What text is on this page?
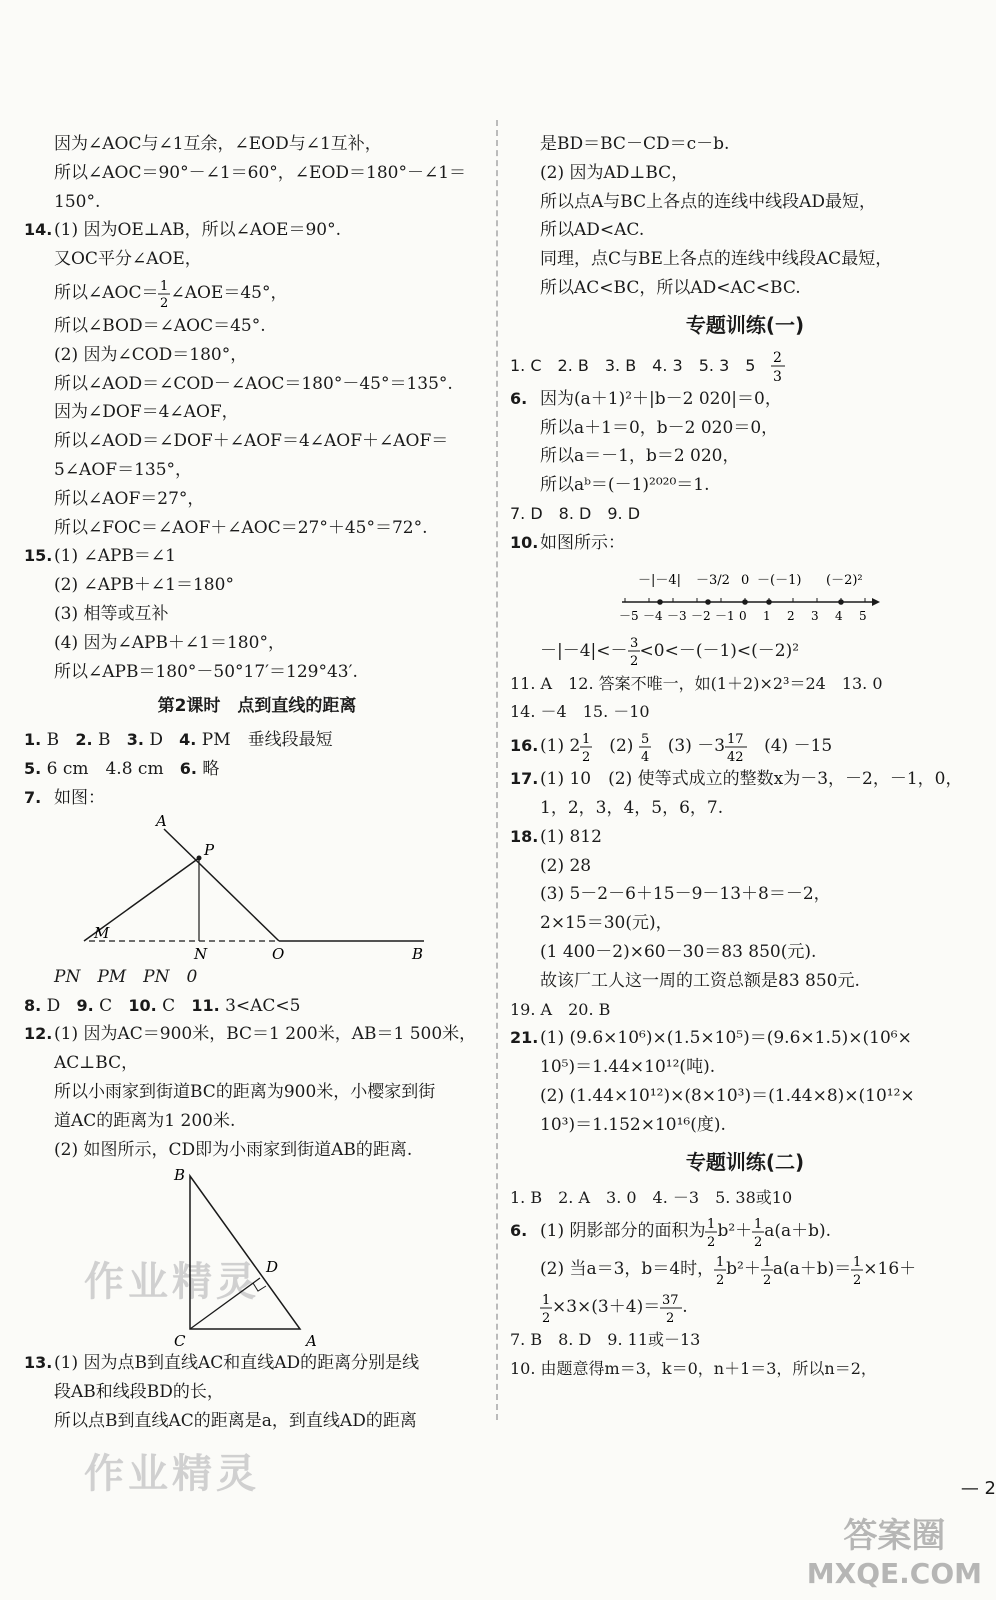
因为∠AOC与∠1互余，∠EOD与∠1互补，
所以∠AOC＝90°－∠1＝60°，∠EOD＝180°－∠1＝
150°.
14.(1) 因为OE⊥AB，所以∠AOE＝90°.
又OC平分∠AOE，
所以∠AOC＝ 1
2
∠AOE＝45°，
所以∠BOD＝∠AOC＝45°.
(2) 因为∠COD＝180°，
所以∠AOD＝∠COD－∠AOC＝180°－45°＝135°.
因为∠DOF＝4∠AOF，
所以∠AOD＝∠DOF＋∠AOF＝4∠AOF＋∠AOF＝
5∠AOF＝135°，
所以∠AOF＝27°，
所以∠FOC＝∠AOF＋∠AOC＝27°＋45°＝72°.
15.(1) ∠APB＝∠1
(2) ∠APB＋∠1＝180°
(3) 相等或互补
(4) 因为∠APB＋∠1＝180°，
所以∠APB＝180°－50°17′＝129°43′.
第2课时　点到直线的距离
1. B 2. B 3. D 4. PM　垂线段最短
5. 6 cm　4.8 cm 6. 略
7. 如图：
A
P
M
N	O	B
PN　PM　PN　0
8. D 9. C 10. C 11. 3<AC<5
12.(1) 因为AC＝900米，BC＝1 200米，AB＝1 500米，
AC⊥BC，
所以小雨家到街道BC的距离为900米，小樱家到街
道AC的距离为1 200米.
(2) 如图所示，CD即为小雨家到街道AB的距离.
作业精灵
B
D
C	A
13.(1) 因为点B到直线AC和直线AD的距离分别是线
段AB和线段BD的长，
所以点B到直线AC的距离是a，到直线AD的距离
作业精灵
是BD＝BC－CD＝c－b.
(2) 因为AD⊥BC，
所以点A与BC上各点的连线中线段AD最短，
所以AD<AC.
同理，点C与BE上各点的连线中线段AC最短，
所以AC<BC，所以AD<AC<BC.
专题训练(一)
1. C　2. B　3. B　4. 3　5. 3　5　 2
3
6. 因为(a＋1)²＋|b－2 020|＝0，
所以a＋1＝0，b－2 020＝0，
所以a＝－1，b＝2 020，
所以aᵇ＝(－1)²⁰²⁰＝1.
7. D　8. D　9. D
10.如图所示：
－5 －4 －3 －2 －1 0 1 2 3 4 5
－|－4| －3/2 0 －(－1) (－2)²
－|－4|<－ 3
2
<0<－(－1)<(－2)²
11. A　12. 答案不唯一，如(1＋2)×2³＝24　13. 0
14. －4　15. －10
16.(1) 2 1
2
　(2) 5
4
　(3) －3 17
42
　(4) －15
17.(1) 10　(2) 使等式成立的整数x为－3，－2，－1，0，
1，2，3，4，5，6，7.
18.(1) 812
(2) 28
(3) 5－2－6＋15－9－13＋8＝－2，
2×15＝30(元)，
(1 400－2)×60－30＝83 850(元).
故该厂工人这一周的工资总额是83 850元.
19. A　20. B
21.(1) (9.6×10⁶)×(1.5×10⁵)＝(9.6×1.5)×(10⁶×
10⁵)＝1.44×10¹²(吨).
(2) (1.44×10¹²)×(8×10³)＝(1.44×8)×(10¹²×
10³)＝1.152×10¹⁶(度).
专题训练(二)
1. B　2. A　3. 0　4. －3　5. 38或10
6. (1) 阴影部分的面积为 1
2
b²＋ 1
2
a(a＋b).
(2) 当a＝3，b＝4时， 1
2
b²＋ 1
2
a(a＋b)＝ 1
2
×16＋
1
2
×3×(3＋4)＝ 37
2
.
7. B　8. D　9. 11或－13
10. 由题意得m＝3，k＝0，n＋1＝3，所以n＝2，
— 2
答案圈
MXQE.COM
